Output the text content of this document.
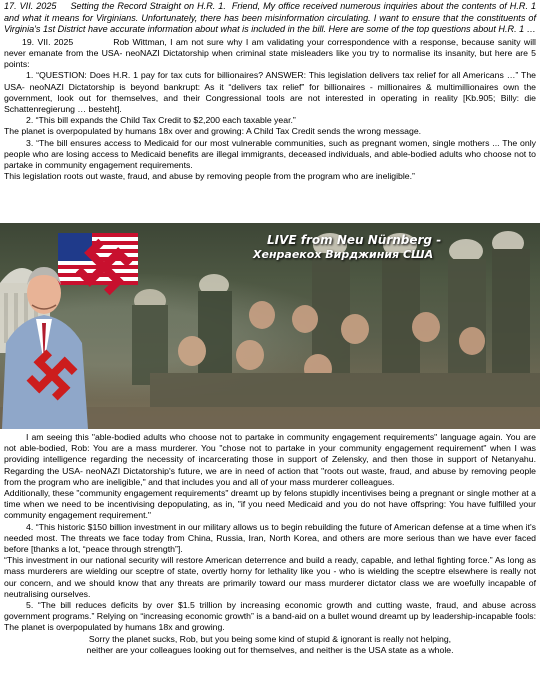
17. VII. 2025 Setting the Record Straight on H.R. 1. Friend, My office received numerous inquiries about the contents of H.R. 1 and what it means for Virginians. Unfortunately, there has been misinformation circulating. I want to ensure that the constituents of Virginia's 1st District have accurate information about what is included in the bill. Here are some of the top questions about H.R. 1 …

19. VII. 2025	Rob Wittman, I am not sure why I am validating your correspondence with a response, because sanity will never emanate from the USA- neoNAZI Dictatorship when criminal state misleaders like you try to normalise its insanity, but here are 5 points:

1. “QUESTION: Does H.R. 1 pay for tax cuts for billionaires? ANSWER: This legislation delivers tax relief for all Americans …” The USA- neoNAZI Dictatorship is beyond bankrupt: As it “delivers tax relief” for billionaires - millionaires & multimillionaires own the government, look out for themselves, and their Congressional tools are not interested in operating in reality [Kb.905; Billy: die Schattenregierung … besteht].

2. “This bill expands the Child Tax Credit to $2,200 each taxable year.”

The planet is overpopulated by humans 18x over and growing: A Child Tax Credit sends the wrong message.

3. “The bill ensures access to Medicaid for our most vulnerable communities, such as pregnant women, single mothers ... The only people who are losing access to Medicaid benefits are illegal immigrants, deceased individuals, and able-bodied adults who choose not to partake in community engagement requirements.

This legislation roots out waste, fraud, and abuse by removing people from the program who are ineligible.”

LIVE from Neu Nürnberg -
Хенраекох Вирджиния США

I am seeing this "able-bodied adults who choose not to partake in community engagement requirements" language again. You are not able-bodied, Rob: You are a mass murderer. You "chose not to partake in your community engagement requirement" when I was providing intelligence regarding the necessity of incarcerating those in support of Zelensky, and then those in support of Netanyahu. Regarding the USA- neoNAZI Dictatorship's future, we are in need of action that "roots out waste, fraud, and abuse by removing people from the program who are ineligible," and that includes you and all of your mass murderer colleagues.

Additionally, these "community engagement requirements" dreamt up by felons stupidly incentivises being a pregnant or single mother at a time when we need to be incentivising depopulating, as in, "if you need Medicaid and you do not have offspring: You have fulfilled your community engagement requirement."

4. “This historic $150 billion investment in our military allows us to begin rebuilding the future of American defense at a time when it's needed most. The threats we face today from China, Russia, Iran, North Korea, and others are more serious than we have ever faced before [thanks a lot, “peace through strength”].

“This investment in our national security will restore American deterrence and build a ready, capable, and lethal fighting force.” As long as mass murderers are wielding our sceptre of state, overtly horny for lethality like you - who is wielding the sceptre elsewhere is really not our concern, and we should know that any threats are primarily toward our mass murderer dictator class we are woefully incapable of neutralising ourselves.

5. “The bill reduces deficits by over $1.5 trillion by increasing economic growth and cutting waste, fraud, and abuse across government programs.” Relying on “increasing economic growth” is a band-aid on a bullet wound dreamt up by leadership-incapable fools: The planet is overpopulated by humans 18x and growing.

Sorry the planet sucks, Rob, but you being some kind of stupid & ignorant is really not helping,

neither are your colleagues looking out for themselves, and neither is the USA state as a whole.
